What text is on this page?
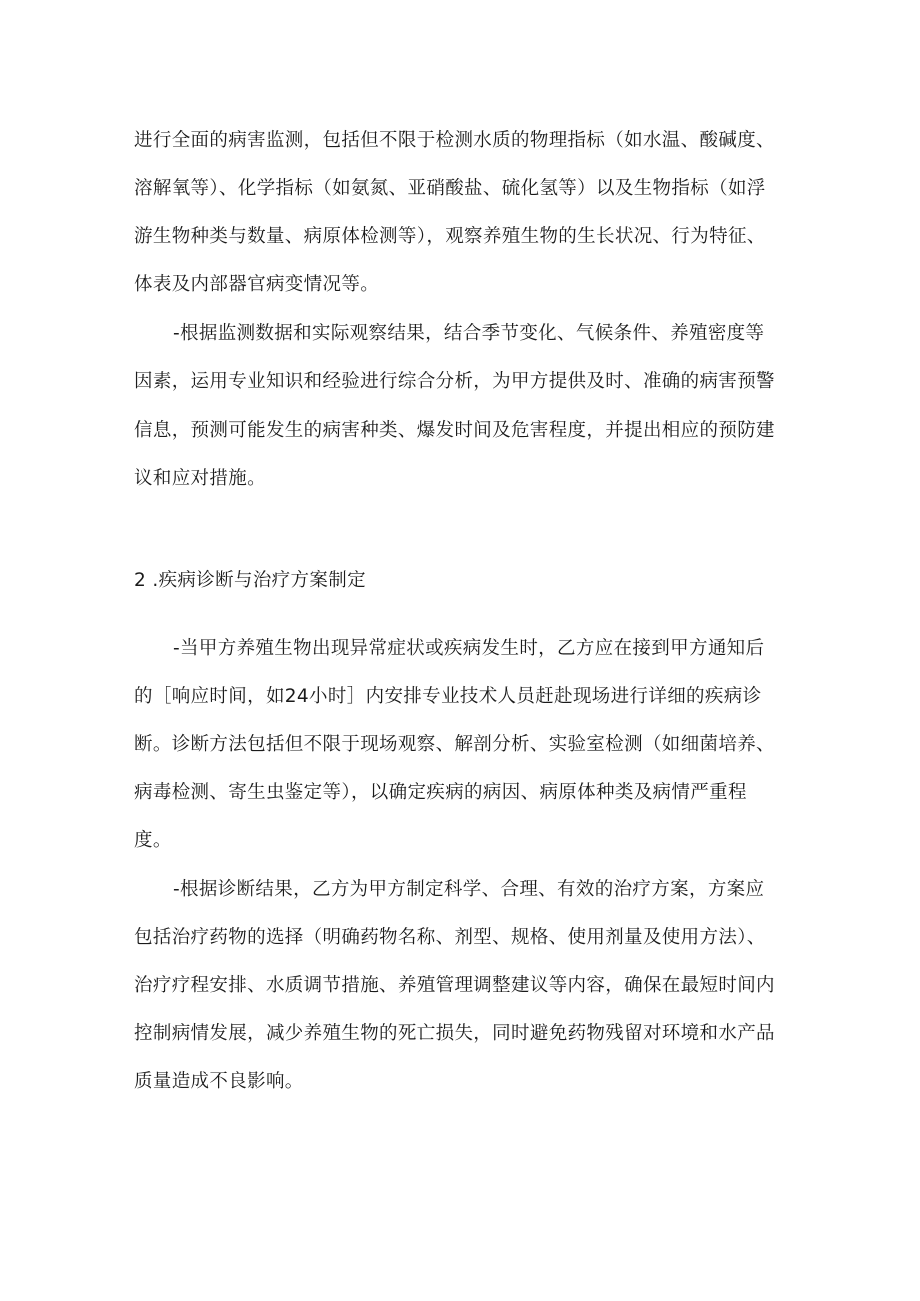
进行全面的病害监测，包括但不限于检测水质的物理指标（如水温、酸碱度、
溶解氧等）、化学指标（如氨氮、亚硝酸盐、硫化氢等）以及生物指标（如浮
游生物种类与数量、病原体检测等），观察养殖生物的生长状况、行为特征、
体表及内部器官病变情况等。
-根据监测数据和实际观察结果，结合季节变化、气候条件、养殖密度等
因素，运用专业知识和经验进行综合分析，为甲方提供及时、准确的病害预警
信息，预测可能发生的病害种类、爆发时间及危害程度，并提出相应的预防建
议和应对措施。
2 .疾病诊断与治疗方案制定
-当甲方养殖生物出现异常症状或疾病发生时，乙方应在接到甲方通知后
的［响应时间，如24小时］内安排专业技术人员赶赴现场进行详细的疾病诊
断。诊断方法包括但不限于现场观察、解剖分析、实验室检测（如细菌培养、
病毒检测、寄生虫鉴定等），以确定疾病的病因、病原体种类及病情严重程
度。
-根据诊断结果，乙方为甲方制定科学、合理、有效的治疗方案，方案应
包括治疗药物的选择（明确药物名称、剂型、规格、使用剂量及使用方法）、
治疗疗程安排、水质调节措施、养殖管理调整建议等内容，确保在最短时间内
控制病情发展，减少养殖生物的死亡损失，同时避免药物残留对环境和水产品
质量造成不良影响。
